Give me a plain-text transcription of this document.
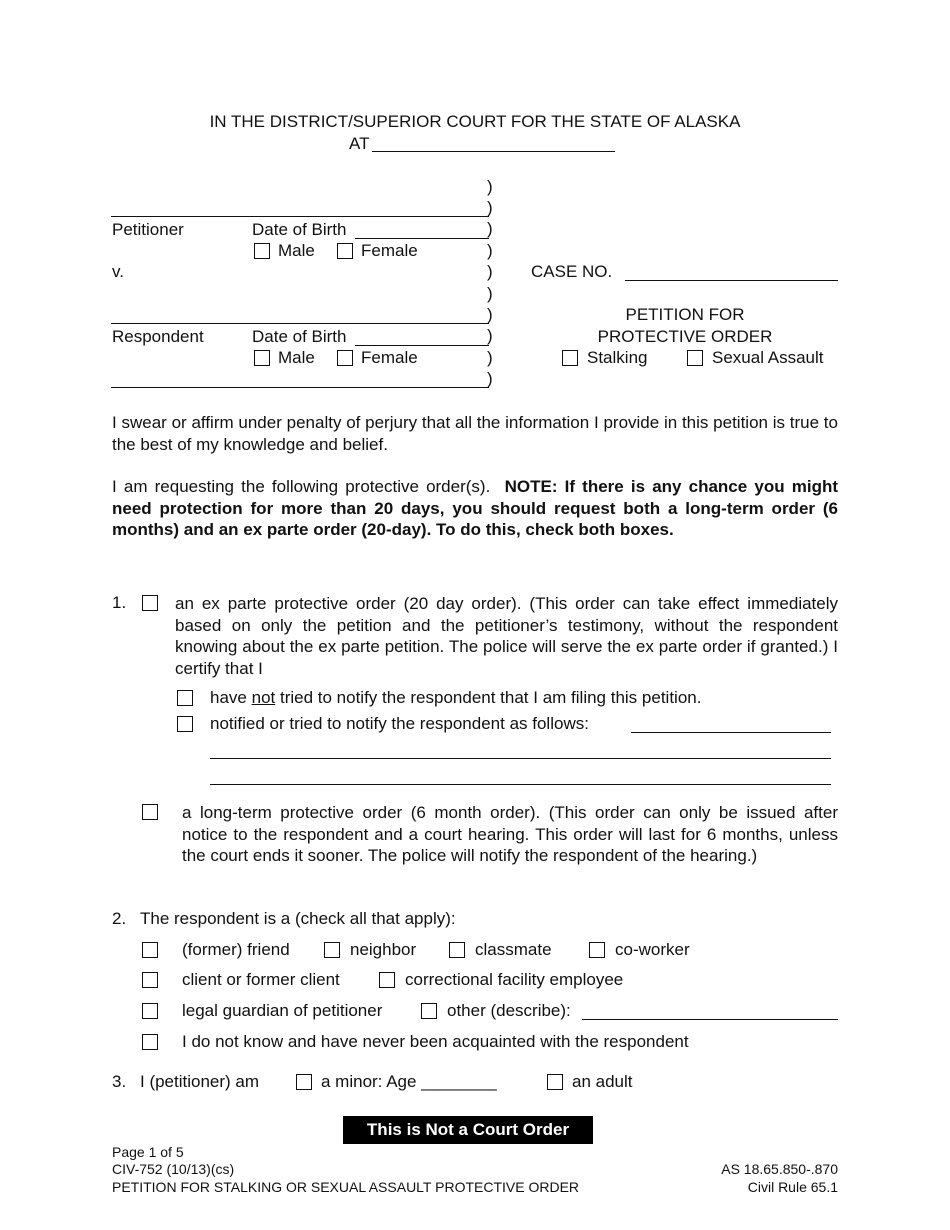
IN THE DISTRICT/SUPERIOR COURT FOR THE STATE OF ALASKA
AT
)
)
)
)
)
)
)
)
)
)
Petitioner	Date of Birth
Male	Female
v.
Respondent	Date of Birth
Male	Female
CASE NO.
PETITION FOR
PROTECTIVE ORDER
Stalking	Sexual Assault
I swear or affirm under penalty of perjury that all the information I provide in this petition is true to the best of my knowledge and belief.
I am requesting the following protective order(s). NOTE: If there is any chance you might need protection for more than 20 days, you should request both a long-term order (6 months) and an ex parte order (20-day). To do this, check both boxes.
1.	an ex parte protective order (20 day order). (This order can take effect immediately based on only the petition and the petitioner’s testimony, without the respondent knowing about the ex parte petition. The police will serve the ex parte order if granted.) I certify that I
have not tried to notify the respondent that I am filing this petition.
notified or tried to notify the respondent as follows:
a long-term protective order (6 month order). (This order can only be issued after notice to the respondent and a court hearing. This order will last for 6 months, unless the court ends it sooner. The police will notify the respondent of the hearing.)
2. The respondent is a (check all that apply):
(former) friend	neighbor	classmate	co-worker
client or former client	correctional facility employee
legal guardian of petitioner	other (describe):
I do not know and have never been acquainted with the respondent
3. I (petitioner) am	a minor: Age ________	an adult
This is Not a Court Order
Page 1 of 5
CIV-752 (10/13)(cs)
PETITION FOR STALKING OR SEXUAL ASSAULT PROTECTIVE ORDER
AS 18.65.850-.870
Civil Rule 65.1
